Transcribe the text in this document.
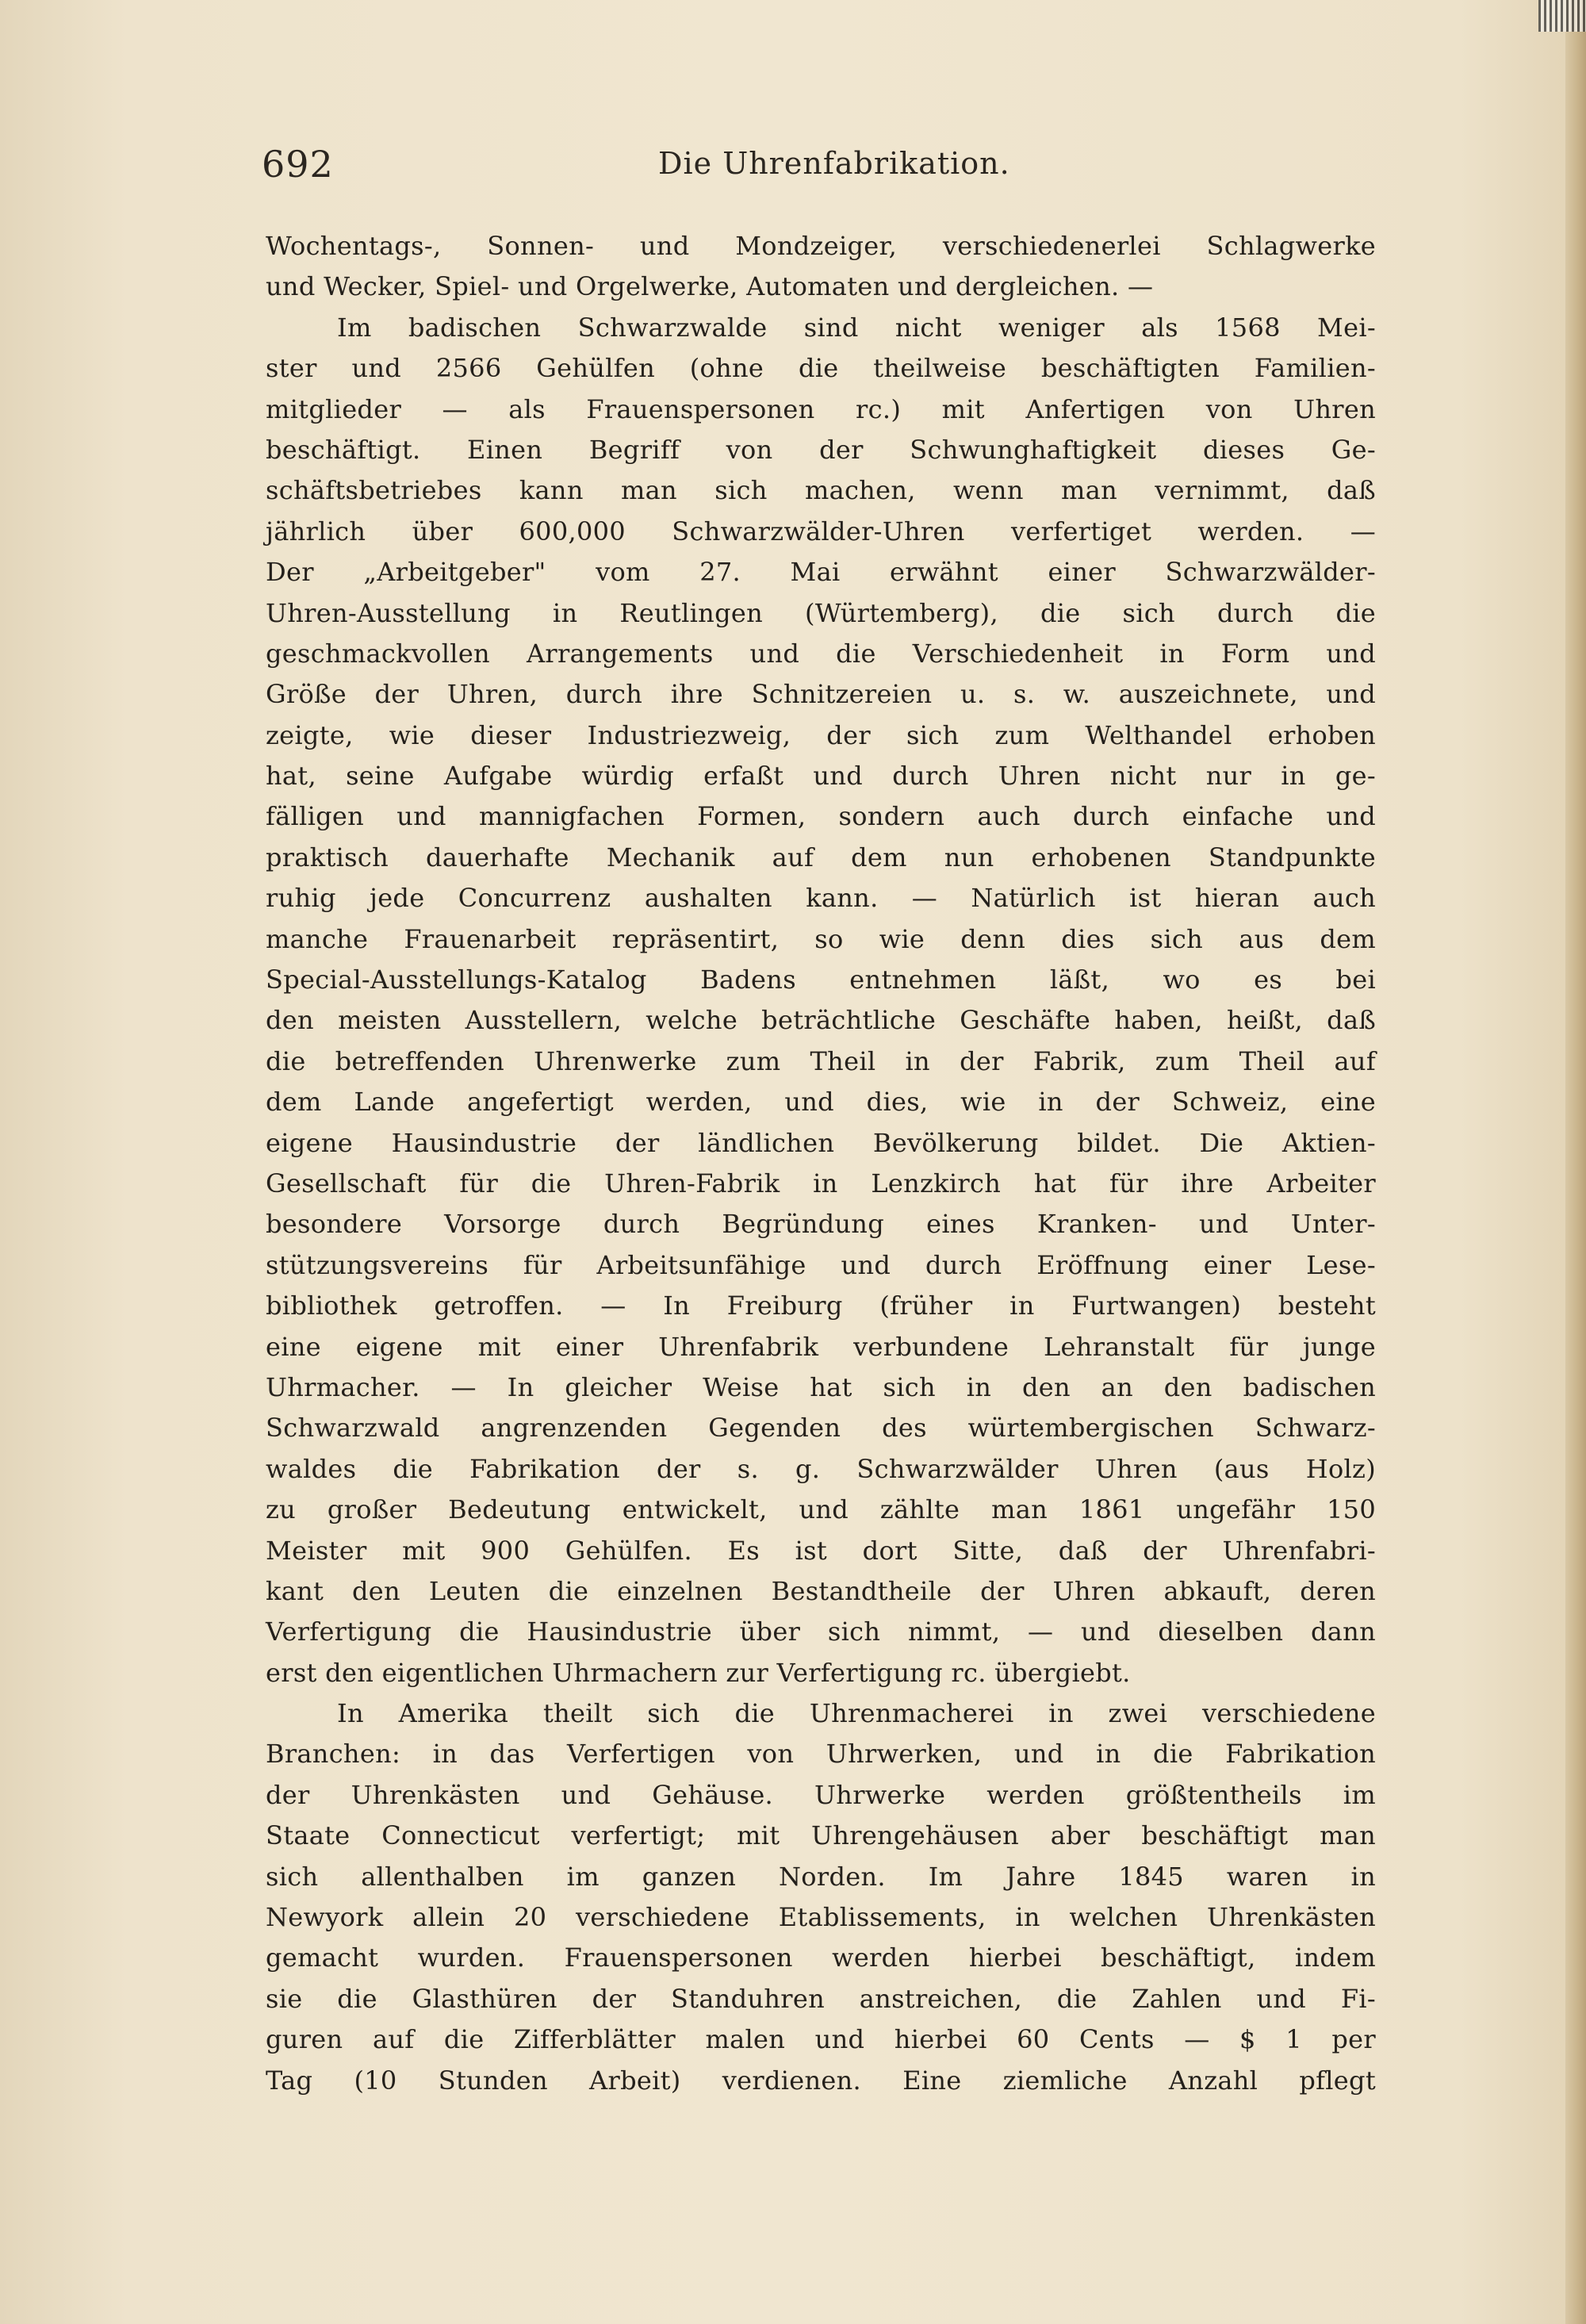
692	Die Uhrenfabrikation.
Wochentags-, Sonnen- und Mondzeiger, verschiedenerlei Schlagwerke
und Wecker, Spiel- und Orgelwerke, Automaten und dergleichen. —
Im badischen Schwarzwalde sind nicht weniger als 1568 Mei-
ster und 2566 Gehülfen (ohne die theilweise beschäftigten Familien-
mitglieder — als Frauenspersonen rc.) mit Anfertigen von Uhren
beschäftigt. Einen Begriff von der Schwunghaftigkeit dieses Ge-
schäftsbetriebes kann man sich machen, wenn man vernimmt, daß
jährlich über 600,000 Schwarzwälder-Uhren verfertiget werden. —
Der „Arbeitgeber" vom 27. Mai erwähnt einer Schwarzwälder-
Uhren-Ausstellung in Reutlingen (Würtemberg), die sich durch die
geschmackvollen Arrangements und die Verschiedenheit in Form und
Größe der Uhren, durch ihre Schnitzereien u. s. w. auszeichnete, und
zeigte, wie dieser Industriezweig, der sich zum Welthandel erhoben
hat, seine Aufgabe würdig erfaßt und durch Uhren nicht nur in ge-
fälligen und mannigfachen Formen, sondern auch durch einfache und
praktisch dauerhafte Mechanik auf dem nun erhobenen Standpunkte
ruhig jede Concurrenz aushalten kann. — Natürlich ist hieran auch
manche Frauenarbeit repräsentirt, so wie denn dies sich aus dem
Special-Ausstellungs-Katalog Badens entnehmen läßt, wo es bei
den meisten Ausstellern, welche beträchtliche Geschäfte haben, heißt, daß
die betreffenden Uhrenwerke zum Theil in der Fabrik, zum Theil auf
dem Lande angefertigt werden, und dies, wie in der Schweiz, eine
eigene Hausindustrie der ländlichen Bevölkerung bildet. Die Aktien-
Gesellschaft für die Uhren-Fabrik in Lenzkirch hat für ihre Arbeiter
besondere Vorsorge durch Begründung eines Kranken- und Unter-
stützungsvereins für Arbeitsunfähige und durch Eröffnung einer Lese-
bibliothek getroffen. — In Freiburg (früher in Furtwangen) besteht
eine eigene mit einer Uhrenfabrik verbundene Lehranstalt für junge
Uhrmacher. — In gleicher Weise hat sich in den an den badischen
Schwarzwald angrenzenden Gegenden des würtembergischen Schwarz-
waldes die Fabrikation der s. g. Schwarzwälder Uhren (aus Holz)
zu großer Bedeutung entwickelt, und zählte man 1861 ungefähr 150
Meister mit 900 Gehülfen. Es ist dort Sitte, daß der Uhrenfabri-
kant den Leuten die einzelnen Bestandtheile der Uhren abkauft, deren
Verfertigung die Hausindustrie über sich nimmt, — und dieselben dann
erst den eigentlichen Uhrmachern zur Verfertigung rc. übergiebt.
In Amerika theilt sich die Uhrenmacherei in zwei verschiedene
Branchen: in das Verfertigen von Uhrwerken, und in die Fabrikation
der Uhrenkästen und Gehäuse. Uhrwerke werden größtentheils im
Staate Connecticut verfertigt; mit Uhrengehäusen aber beschäftigt man
sich allenthalben im ganzen Norden. Im Jahre 1845 waren in
Newyork allein 20 verschiedene Etablissements, in welchen Uhrenkästen
gemacht wurden. Frauenspersonen werden hierbei beschäftigt, indem
sie die Glasthüren der Standuhren anstreichen, die Zahlen und Fi-
guren auf die Zifferblätter malen und hierbei 60 Cents — $ 1 per
Tag (10 Stunden Arbeit) verdienen. Eine ziemliche Anzahl pflegt
